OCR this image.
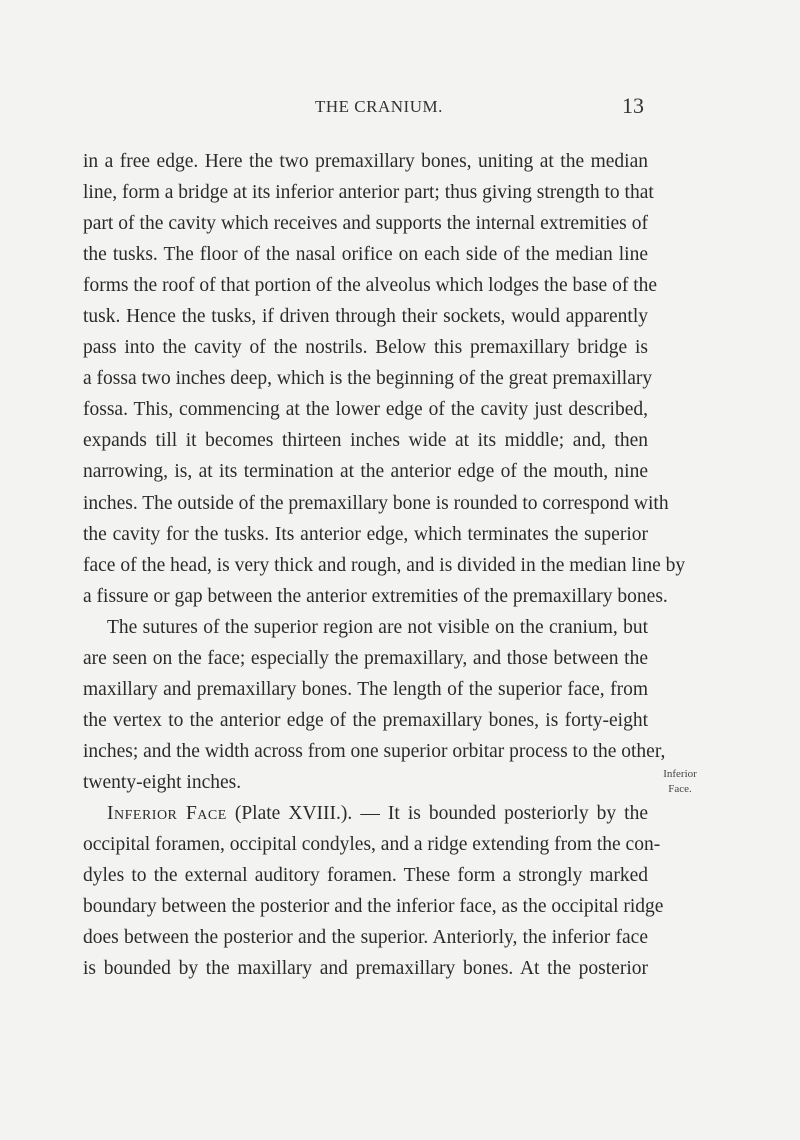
THE CRANIUM.	13
in a free edge. Here the two premaxillary bones, uniting at the median
line, form a bridge at its inferior anterior part; thus giving strength to that
part of the cavity which receives and supports the internal extremities of
the tusks. The floor of the nasal orifice on each side of the median line
forms the roof of that portion of the alveolus which lodges the base of the
tusk. Hence the tusks, if driven through their sockets, would apparently
pass into the cavity of the nostrils. Below this premaxillary bridge is
a fossa two inches deep, which is the beginning of the great premaxillary
fossa. This, commencing at the lower edge of the cavity just described,
expands till it becomes thirteen inches wide at its middle; and, then
narrowing, is, at its termination at the anterior edge of the mouth, nine
inches. The outside of the premaxillary bone is rounded to correspond with
the cavity for the tusks. Its anterior edge, which terminates the superior
face of the head, is very thick and rough, and is divided in the median line by
a fissure or gap between the anterior extremities of the premaxillary bones.
The sutures of the superior region are not visible on the cranium, but
are seen on the face; especially the premaxillary, and those between the
maxillary and premaxillary bones. The length of the superior face, from
the vertex to the anterior edge of the premaxillary bones, is forty-eight
inches; and the width across from one superior orbitar process to the other,
twenty-eight inches.
Inferior Face (Plate XVIII.). — It is bounded posteriorly by the
occipital foramen, occipital condyles, and a ridge extending from the con-
dyles to the external auditory foramen. These form a strongly marked
boundary between the posterior and the inferior face, as the occipital ridge
does between the posterior and the superior. Anteriorly, the inferior face
is bounded by the maxillary and premaxillary bones. At the posterior
Inferior
Face.
